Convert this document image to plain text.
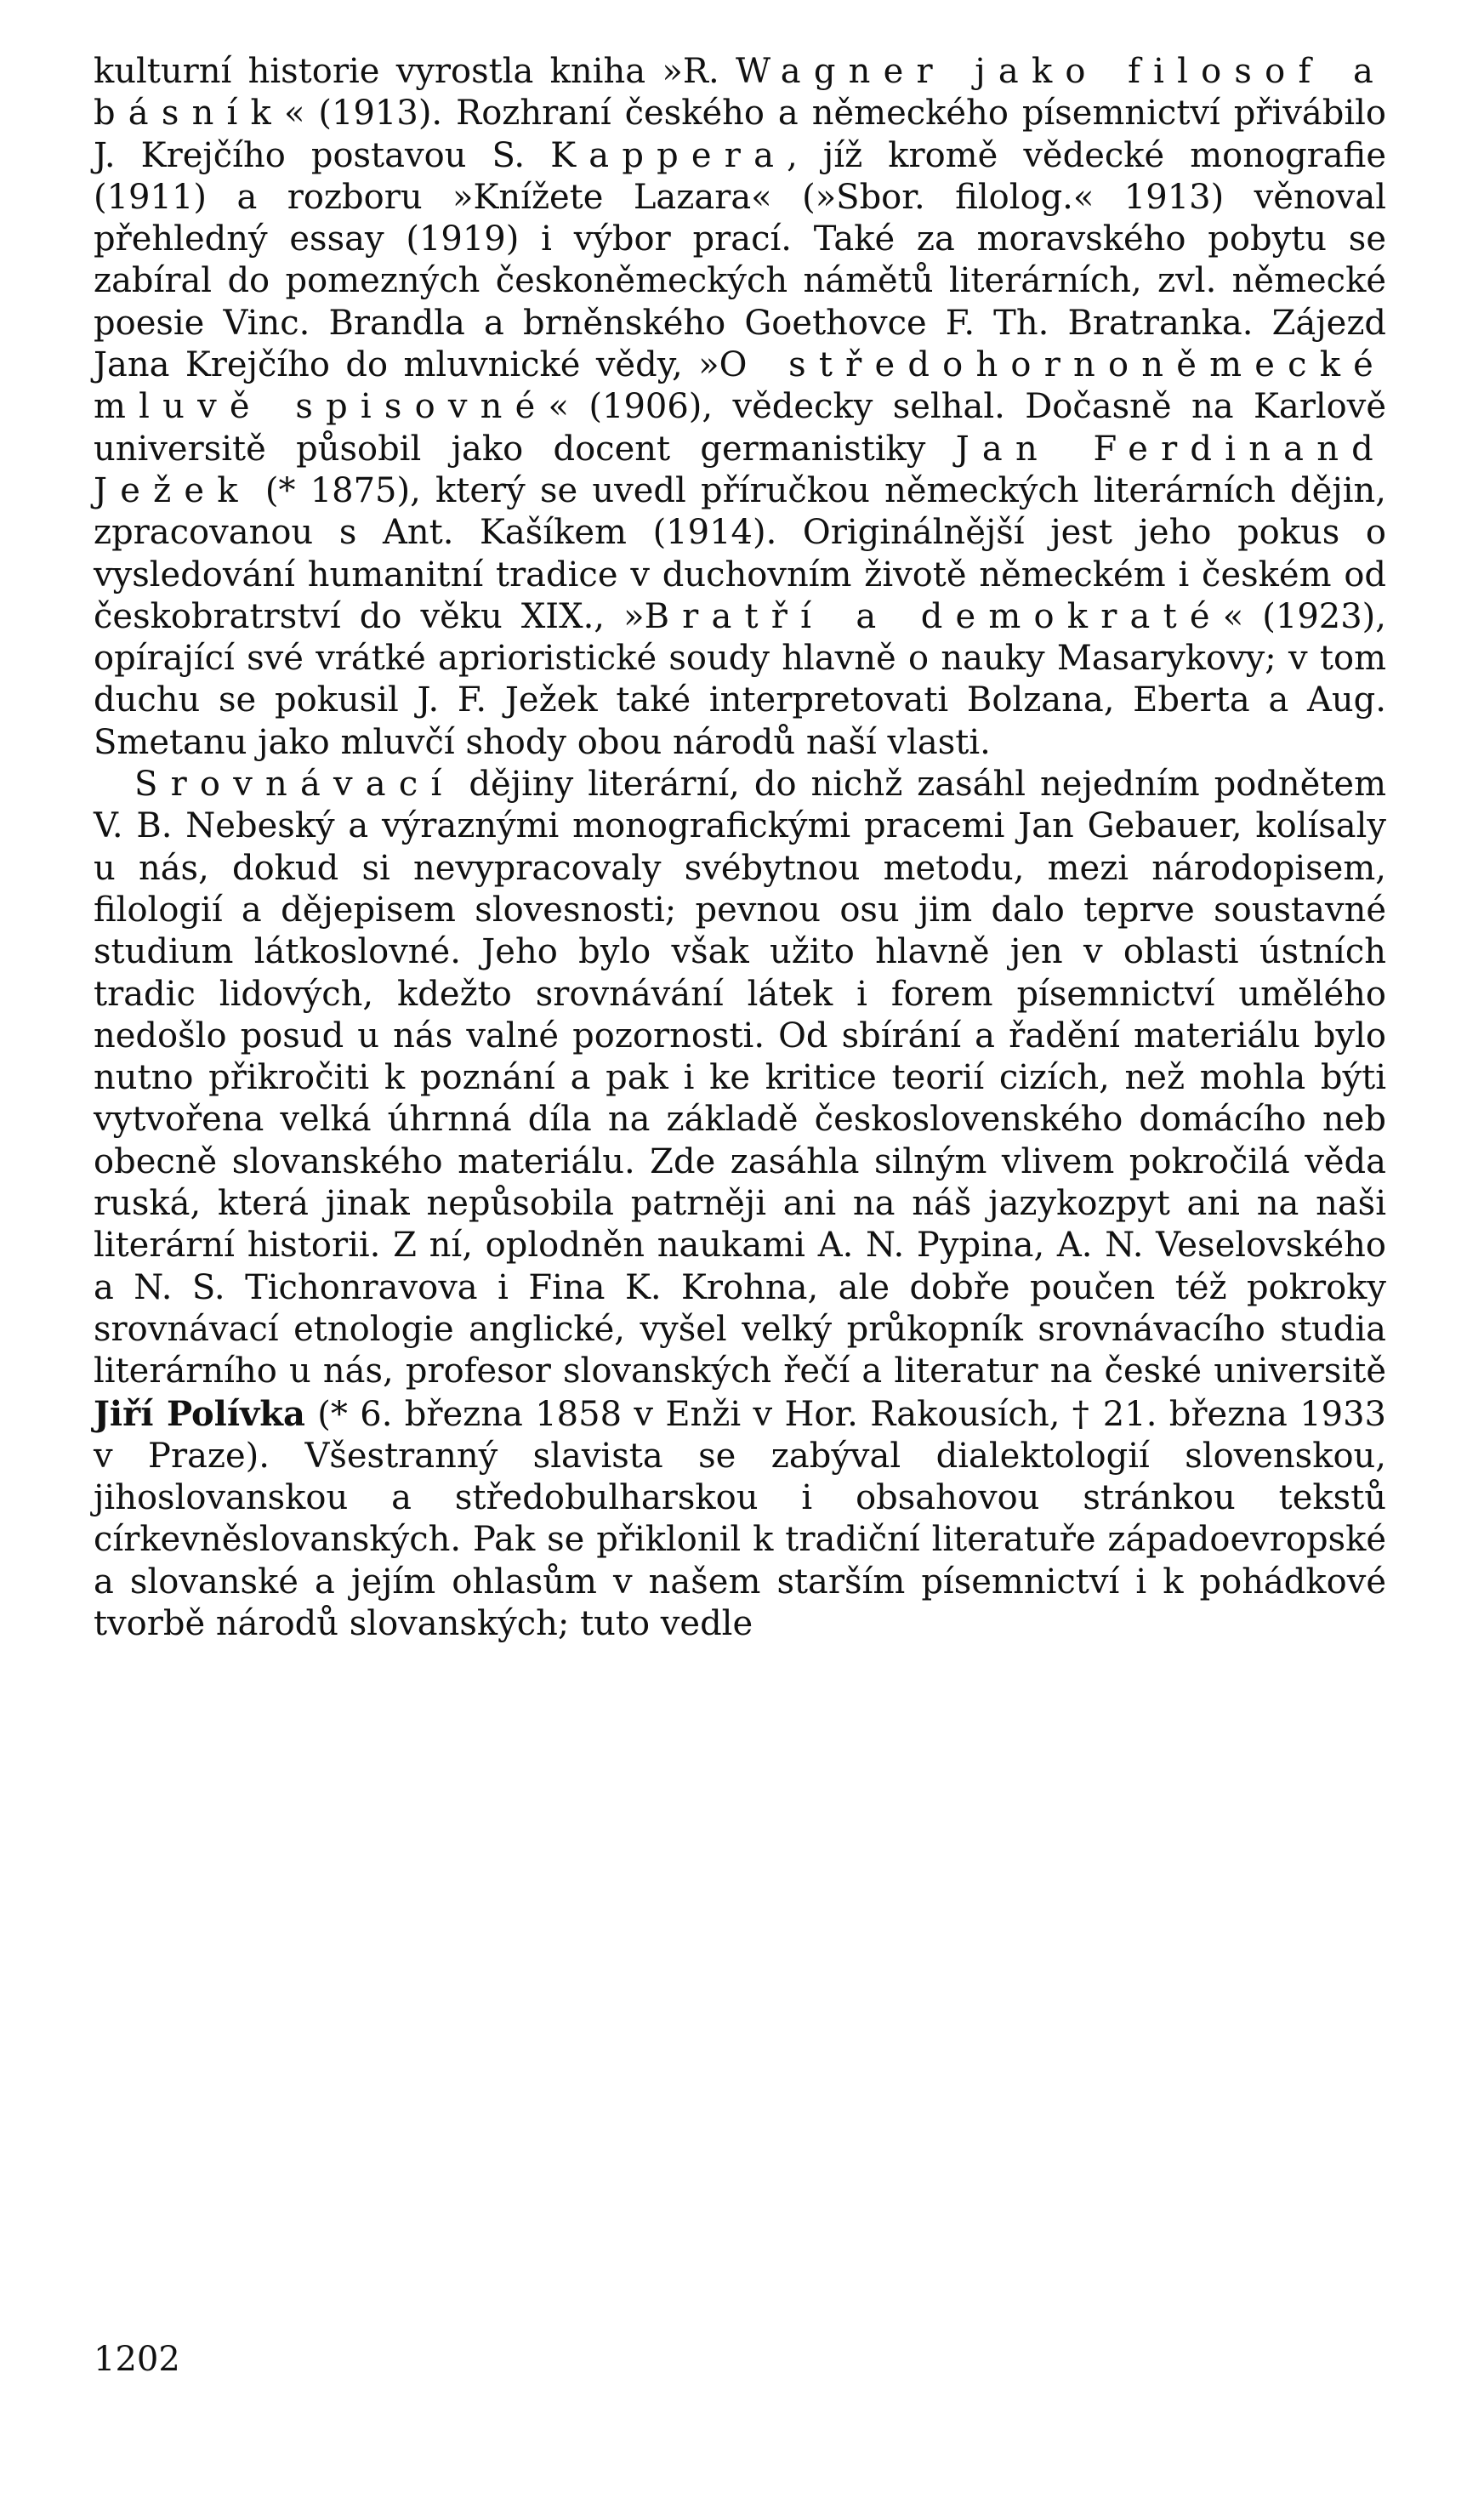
kulturní historie vyrostla kniha »R. Wagner jako filosof a básník« (1913). Rozhraní českého a německého písemnictví přivábilo J. Krejčího postavou S. Kappera, jíž kromě vědecké monografie (1911) a rozboru »Knížete Lazara« (»Sbor. filolog.« 1913) věnoval přehledný essay (1919) i výbor prací. Také za moravského pobytu se zabíral do pomezných českoněmeckých námětů literárních, zvl. německé poesie Vinc. Brandla a brněnského Goethovce F. Th. Bratranka. Zájezd Jana Krejčího do mluvnické vědy, »O středohornoněmecké mluvě spisovné« (1906), vědecky selhal. Dočasně na Karlově universitě působil jako docent germanistiky Jan Ferdinand Ježek (* 1875), který se uvedl příručkou německých literárních dějin, zpracovanou s Ant. Kašíkem (1914). Originálnější jest jeho pokus o vysledování humanitní tradice v duchovním životě německém i českém od českobratrství do věku XIX., »Bratří a demokraté« (1923), opírající své vrátké aprioristické soudy hlavně o nauky Masarykovy; v tom duchu se pokusil J. F. Ježek také interpretovati Bolzana, Eberta a Aug. Smetanu jako mluvčí shody obou národů naší vlasti.

Srovnávací dějiny literární, do nichž zasáhl nejedním podnětem V. B. Nebeský a výraznými monografickými pracemi Jan Gebauer, kolísaly u nás, dokud si nevypracovaly svébytnou metodu, mezi národopisem, filologií a dějepisem slovesnosti; pevnou osu jim dalo teprve soustavné studium látkoslovné. Jeho bylo však užito hlavně jen v oblasti ústních tradic lidových, kdežto srovnávání látek i forem písemnictví umělého nedošlo posud u nás valné pozornosti. Od sbírání a řadění materiálu bylo nutno přikročiti k poznání a pak i ke kritice teorií cizích, než mohla býti vytvořena velká úhrnná díla na základě československého domácího neb obecně slovanského materiálu. Zde zasáhla silným vlivem pokročilá věda ruská, která jinak nepůsobila patrněji ani na náš jazykozpyt ani na naši literární historii. Z ní, oplodněn naukami A. N. Pypina, A. N. Veselovského a N. S. Tichonravova i Fina K. Krohna, ale dobře poučen též pokroky srovnávací etnologie anglické, vyšel velký průkopník srovnávacího studia literárního u nás, profesor slovanských řečí a literatur na české universitě Jiří Polívka (* 6. března 1858 v Enži v Hor. Rakousích, † 21. března 1933 v Praze). Všestranný slavista se zabýval dialektologií slovenskou, jihoslovanskou a středobulharskou i obsahovou stránkou tekstů církevněslovanských. Pak se přiklonil k tradiční literatuře západoevropské a slovanské a jejím ohlasům v našem starším písemnictví i k pohádkové tvorbě národů slovanských; tuto vedle

1202
